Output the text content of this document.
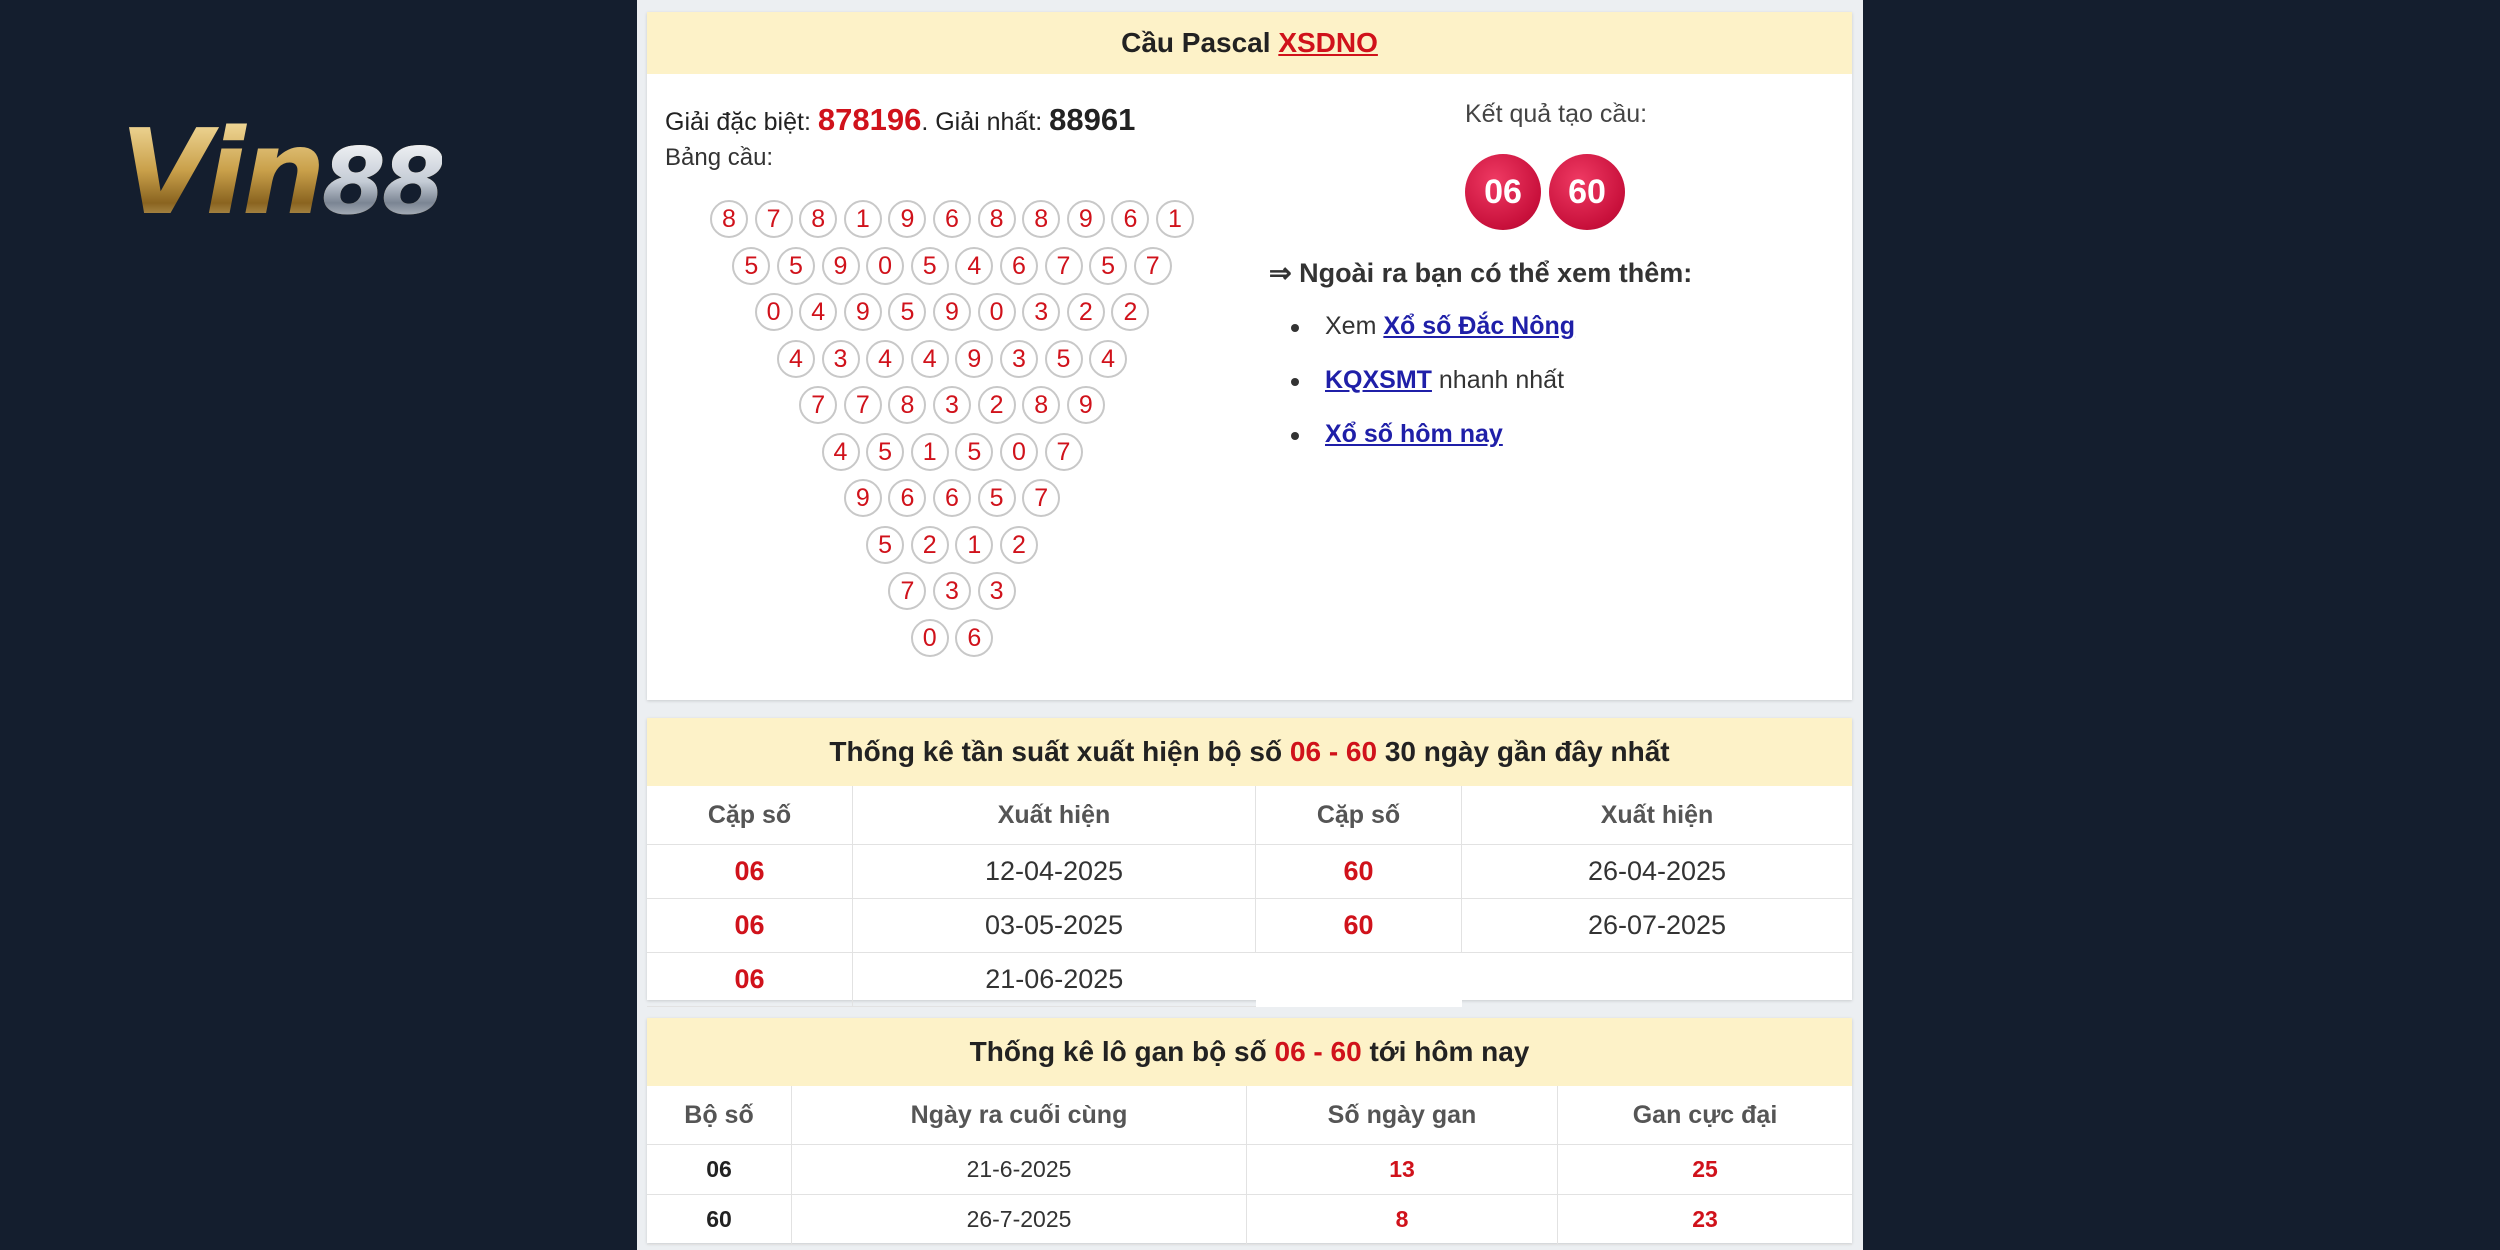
Vin88
Cầu Pascal XSDNO
Giải đặc biệt: 878196. Giải nhất: 88961
Bảng cầu:
8	7	8	1	9	6	8	8	9	6	1
5	5	9	0	5	4	6	7	5	7
0	4	9	5	9	0	3	2	2
4	3	4	4	9	3	5	4
7	7	8	3	2	8	9
4	5	1	5	0	7
9	6	6	5	7
5	2	1	2
7	3	3
0	6
Kết quả tạo cầu:
06	60
⇒ Ngoài ra bạn có thể xem thêm:
Xem Xổ số Đắc Nông
KQXSMT nhanh nhất
Xổ số hôm nay
Thống kê tần suất xuất hiện bộ số 06 - 60 30 ngày gần đây nhất
Cặp số	Xuất hiện	Cặp số	Xuất hiện
06	12-04-2025	60	26-04-2025
06	03-05-2025	60	26-07-2025
06	21-06-2025		
Thống kê lô gan bộ số 06 - 60 tới hôm nay
Bộ số	Ngày ra cuối cùng	Số ngày gan	Gan cực đại
06	21-6-2025	13	25
60	26-7-2025	8	23
